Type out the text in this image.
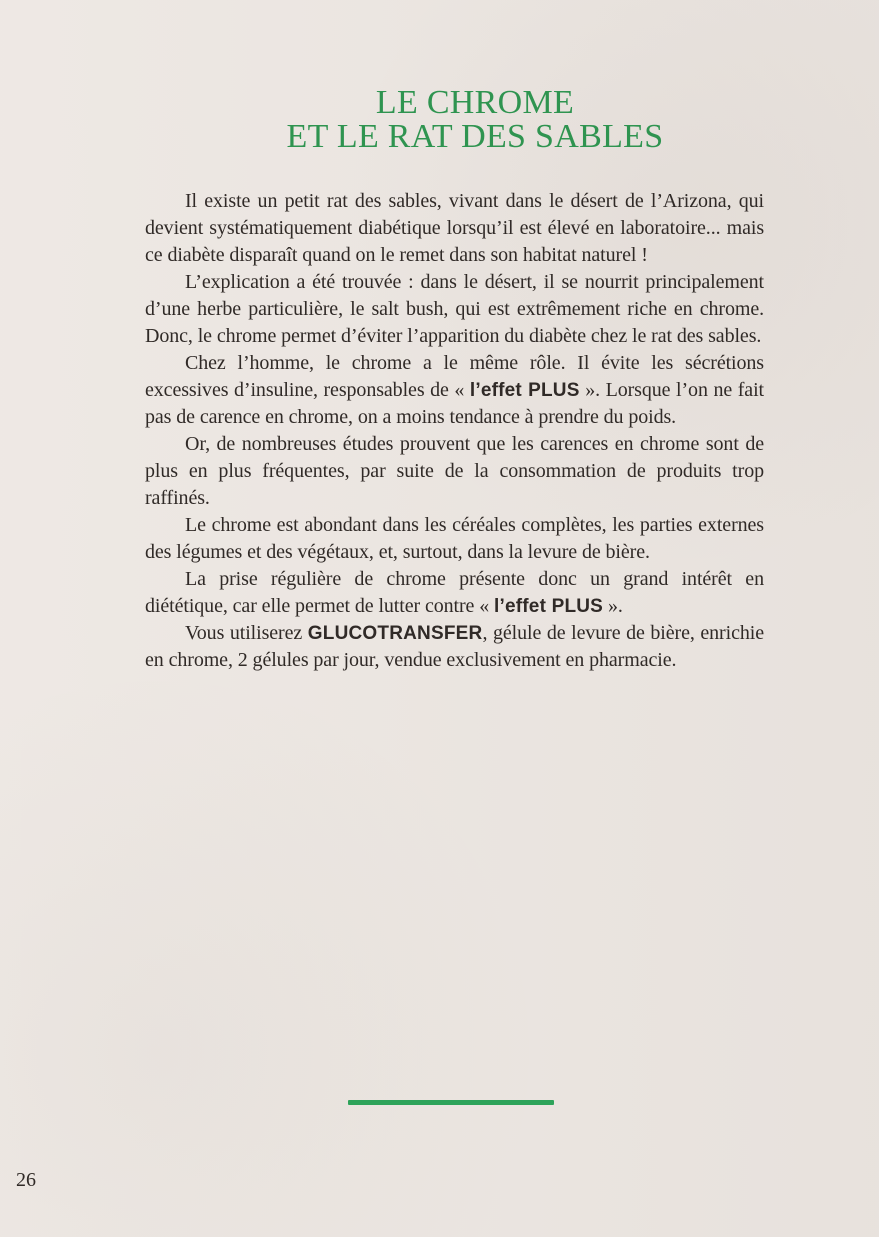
LE CHROME
ET LE RAT DES SABLES

Il existe un petit rat des sables, vivant dans le désert de l’Arizona, qui devient systématiquement diabétique lorsqu’il est élevé en laboratoire... mais ce diabète disparaît quand on le remet dans son habitat naturel !

L’explication a été trouvée : dans le désert, il se nourrit principalement d’une herbe particulière, le salt bush, qui est extrêmement riche en chrome. Donc, le chrome permet d’éviter l’apparition du diabète chez le rat des sables.

Chez l’homme, le chrome a le même rôle. Il évite les sécrétions excessives d’insuline, responsables de « l’effet PLUS ». Lorsque l’on ne fait pas de carence en chrome, on a moins tendance à prendre du poids.

Or, de nombreuses études prouvent que les carences en chrome sont de plus en plus fréquentes, par suite de la consommation de produits trop raffinés.

Le chrome est abondant dans les céréales complètes, les parties externes des légumes et des végétaux, et, surtout, dans la levure de bière.

La prise régulière de chrome présente donc un grand intérêt en diététique, car elle permet de lutter contre « l’effet PLUS ».

Vous utiliserez GLUCOTRANSFER, gélule de levure de bière, enrichie en chrome, 2 gélules par jour, vendue exclusivement en pharmacie.

26
